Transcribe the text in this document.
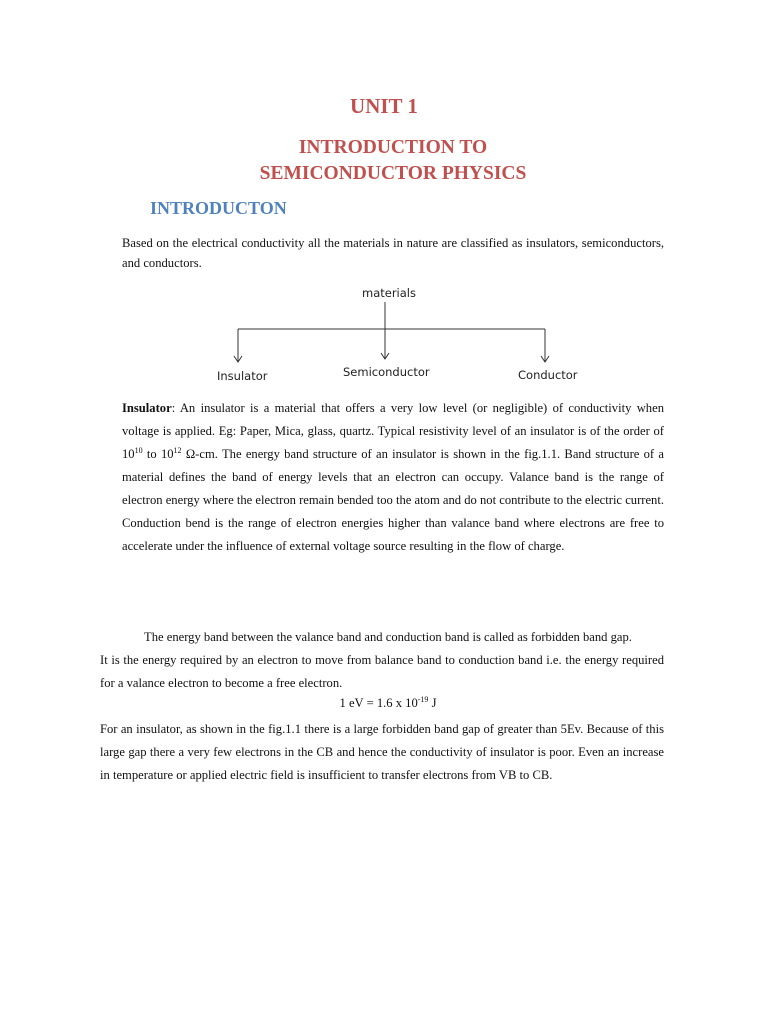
UNIT 1
INTRODUCTION TO
SEMICONDUCTOR PHYSICS
INTRODUCTON
Based on the electrical conductivity all the materials in nature are classified as insulators, semiconductors, and conductors.
materials
Insulator	Semiconductor	Conductor
Insulator: An insulator is a material that offers a very low level (or negligible) of conductivity when voltage is applied. Eg: Paper, Mica, glass, quartz. Typical resistivity level of an insulator is of the order of $10^{10}$ to $10^{12}$ Ω-cm. The energy band structure of an insulator is shown in the fig.1.1. Band structure of a material defines the band of energy levels that an electron can occupy. Valance band is the range of electron energy where the electron remain bended too the atom and do not contribute to the electric current. Conduction bend is the range of electron energies higher than valance band where electrons are free to accelerate under the influence of external voltage source resulting in the flow of charge.
The energy band between the valance band and conduction band is called as forbidden band gap.
It is the energy required by an electron to move from balance band to conduction band i.e. the energy required for a valance electron to become a free electron.
1 eV = 1.6 x $10^{-19}$ J
For an insulator, as shown in the fig.1.1 there is a large forbidden band gap of greater than 5Ev. Because of this large gap there a very few electrons in the CB and hence the conductivity of insulator is poor. Even an increase in temperature or applied electric field is insufficient to transfer electrons from VB to CB.
